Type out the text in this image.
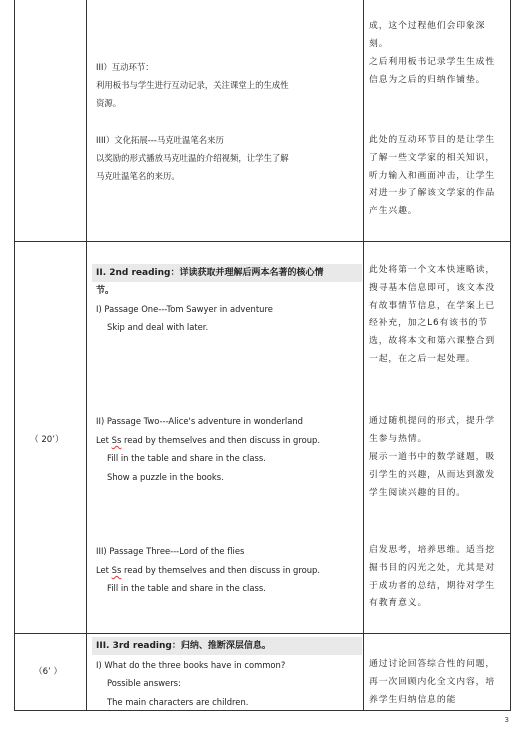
III）互动环节：
利用板书与学生进行互动记录，关注课堂上的生成性
资源。
IIII）文化拓展---马克吐温笔名来历
以奖励的形式播放马克吐温的介绍视频，让学生了解
马克吐温笔名的来历。
成，这个过程他们会印象深刻。
之后利用板书记录学生生成性信息为之后的归纳作铺垫。
此处的互动环节目的是让学生了解一些文学家的相关知识，听力输入和画面冲击，让学生对进一步了解该文学家的作品产生兴趣。
（ 20’）
II. 2nd reading：详读获取并理解后两本名著的核心情
节。
I) Passage One---Tom Sawyer in adventure
Skip and deal with later.
II) Passage Two---Alice's adventure in wonderland
Let Ss read by themselves and then discuss in group.
Fill in the table and share in the class.
Show a puzzle in the books.
III) Passage Three---Lord of the flies
Let Ss read by themselves and then discuss in group.
Fill in the table and share in the class.
此处将第一个文本快速略读，搜寻基本信息即可，该文本没有故事情节信息，在学案上已经补充，加之L6有该书的节选，故将本文和第六课整合到一起，在之后一起处理。
通过随机提问的形式，提升学生参与热情。
展示一道书中的数学谜题，吸引学生的兴趣，从而达到激发学生阅读兴趣的目的。
启发思考，培养思维。适当挖掘书目的闪光之处，尤其是对于成功者的总结，期待对学生有教育意义。
（6’ ）
III. 3rd reading：归纳、推断深层信息。
I) What do the three books have in common?
Possible answers:
The main characters are children.
通过讨论回答综合性的问题，再一次回顾内化全文内容，培养学生归纳信息的能
3
